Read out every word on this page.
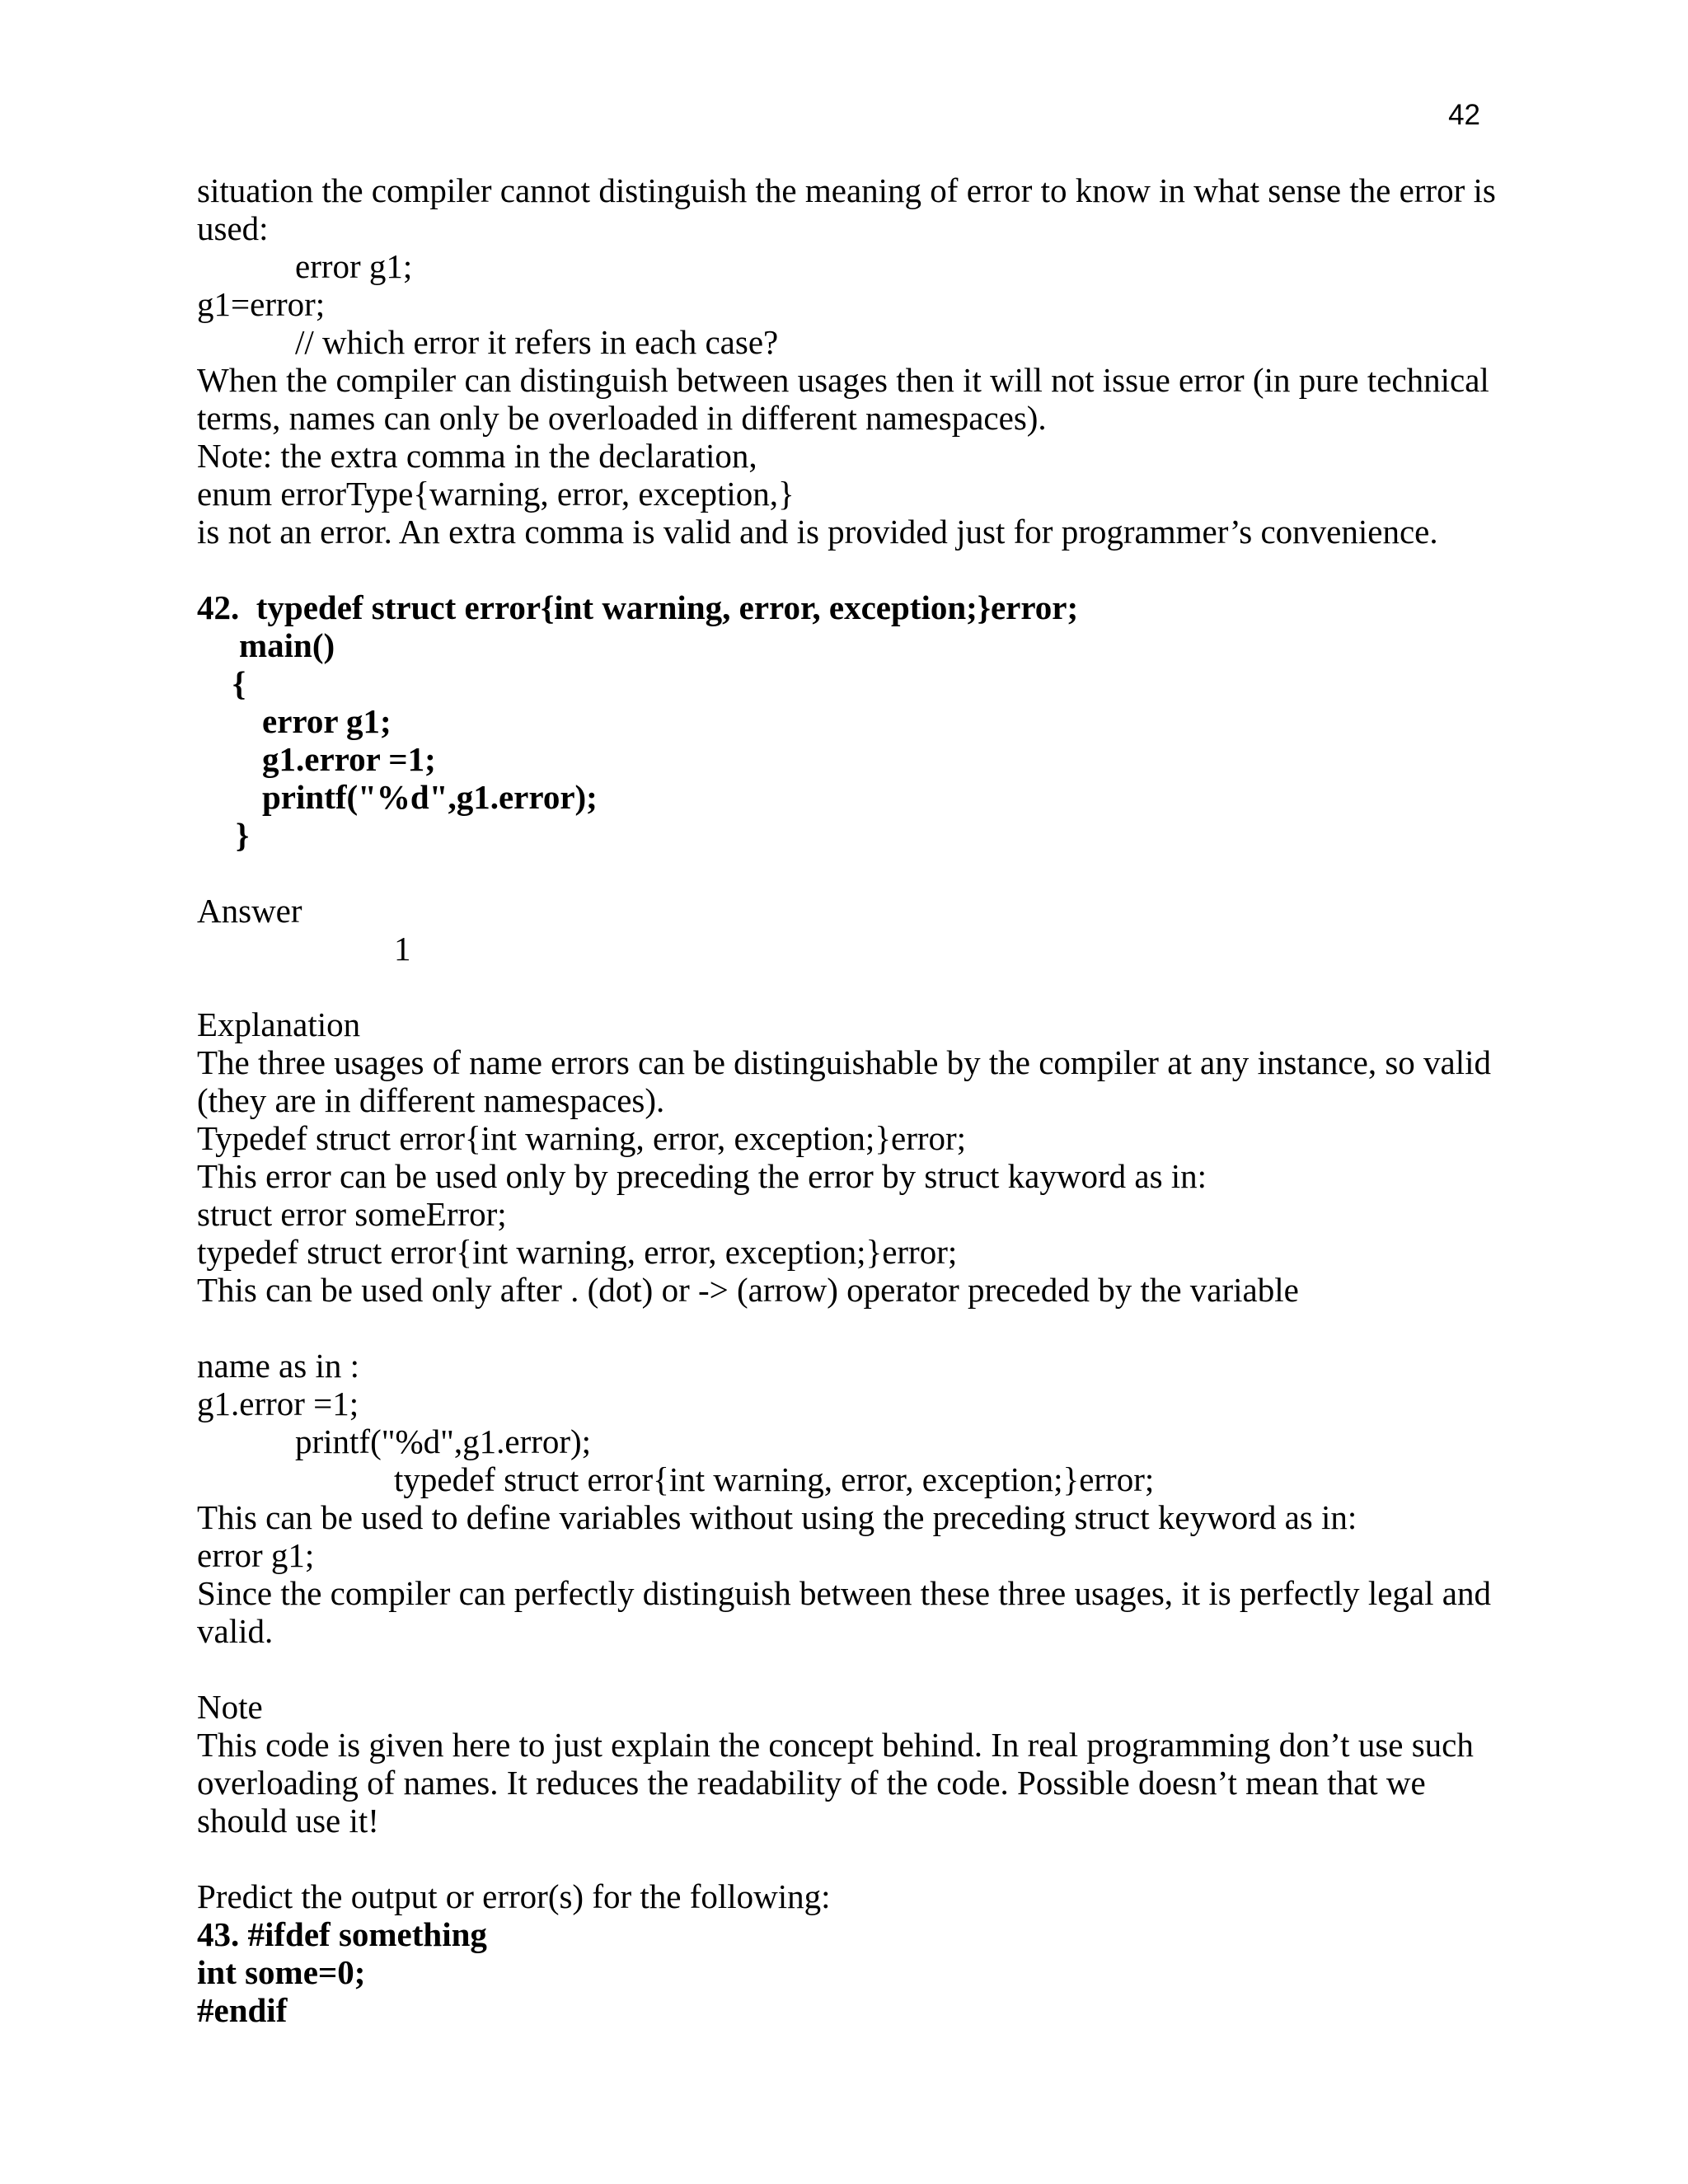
42
situation the compiler cannot distinguish the meaning of error to know in what sense the error is
used:
error g1;
g1=error;
// which error it refers in each case?
When the compiler can distinguish between usages then it will not issue error (in pure technical
terms, names can only be overloaded in different namespaces).
Note: the extra comma in the declaration,
enum errorType{warning, error, exception,}
is not an error. An extra comma is valid and is provided just for programmer’s convenience.
42.  typedef struct error{int warning, error, exception;}error;
main()
{
error g1;
g1.error =1;
printf("%d",g1.error);
}
Answer
1
Explanation
The three usages of name errors can be distinguishable by the compiler at any instance, so valid
(they are in different namespaces).
Typedef struct error{int warning, error, exception;}error;
This error can be used only by preceding the error by struct kayword as in:
struct error someError;
typedef struct error{int warning, error, exception;}error;
This can be used only after . (dot) or -> (arrow) operator preceded by the variable
name as in :
g1.error =1;
printf("%d",g1.error);
typedef struct error{int warning, error, exception;}error;
This can be used to define variables without using the preceding struct keyword as in:
error g1;
Since the compiler can perfectly distinguish between these three usages, it is perfectly legal and
valid.
Note
This code is given here to just explain the concept behind. In real programming don’t use such
overloading of names. It reduces the readability of the code. Possible doesn’t mean that we
should use it!
Predict the output or error(s) for the following:
43. #ifdef something
int some=0;
#endif
